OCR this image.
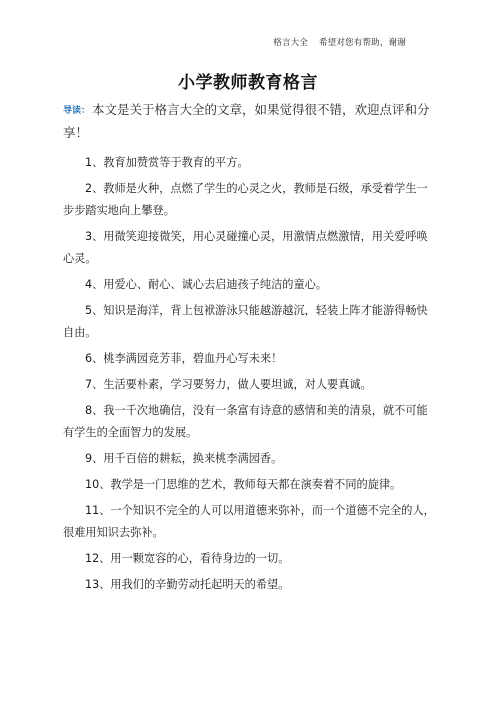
格言大全 希望对您有帮助，谢谢
小学教师教育格言
导读： 本文是关于格言大全的文章，如果觉得很不错，欢迎点评和分享！
1、教育加赞赏等于教育的平方。
2、教师是火种，点燃了学生的心灵之火，教师是石级，承受着学生一步步踏实地向上攀登。
3、用微笑迎接微笑，用心灵碰撞心灵，用激情点燃激情，用关爱呼唤心灵。
4、用爱心、耐心、诚心去启迪孩子纯洁的童心。
5、知识是海洋，背上包袱游泳只能越游越沉，轻装上阵才能游得畅快自由。
6、桃李满园竞芳菲，碧血丹心写未来！
7、生活要朴素，学习要努力，做人要坦诚，对人要真诚。
8、我一千次地确信，没有一条富有诗意的感情和美的清泉，就不可能有学生的全面智力的发展。
9、用千百倍的耕耘，换来桃李满园香。
10、教学是一门思维的艺术，教师每天都在演奏着不同的旋律。
11、一个知识不完全的人可以用道德来弥补，而一个道德不完全的人，很难用知识去弥补。
12、用一颗宽容的心，看待身边的一切。
13、用我们的辛勤劳动托起明天的希望。
